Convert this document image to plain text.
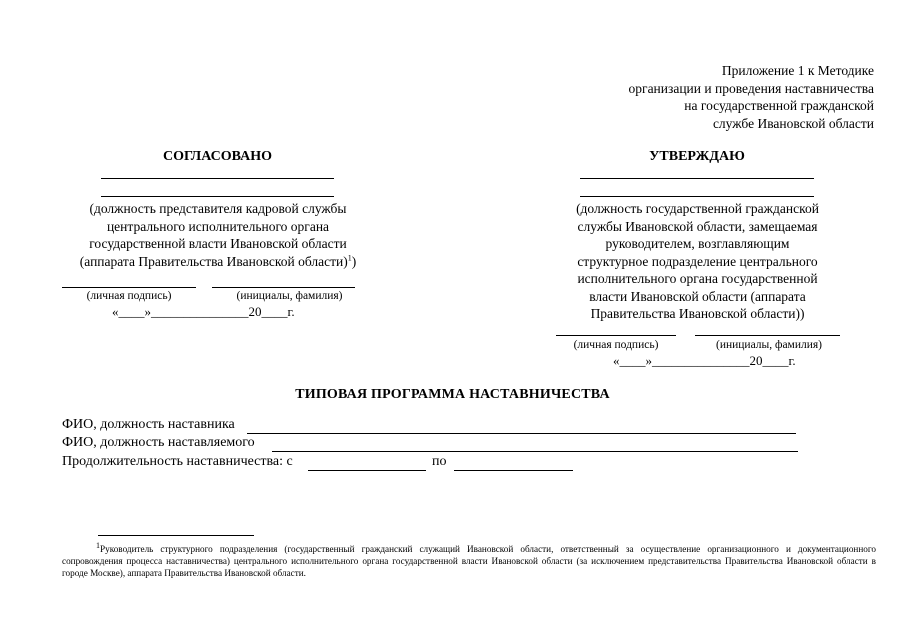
Приложение 1 к Методике
организации и проведения наставничества
на государственной гражданской
службе Ивановской области
СОГЛАСОВАНО
(должность представителя кадровой службы
центрального исполнительного органа
государственной власти Ивановской области
(аппарата Правительства Ивановской области)$^1$)
(личная подпись)	(инициалы, фамилия)
«____»_______________20____г.
УТВЕРЖДАЮ
(должность государственной гражданской
службы Ивановской области, замещаемая
руководителем, возглавляющим
структурное подразделение центрального
исполнительного органа государственной
власти Ивановской области (аппарата
Правительства Ивановской области))
(личная подпись)	(инициалы, фамилия)
«____»_______________20____г.
ТИПОВАЯ ПРОГРАММА НАСТАВНИЧЕСТВА
ФИО, должность наставника
ФИО, должность наставляемого
Продолжительность наставничества: с	по
$^1$Руководитель структурного подразделения (государственный гражданский служащий Ивановской области, ответственный за осуществление организационного и документационного сопровождения процесса наставничества) центрального исполнительного органа государственной власти Ивановской области (за исключением представительства Правительства Ивановской области в городе Москве), аппарата Правительства Ивановской области.
